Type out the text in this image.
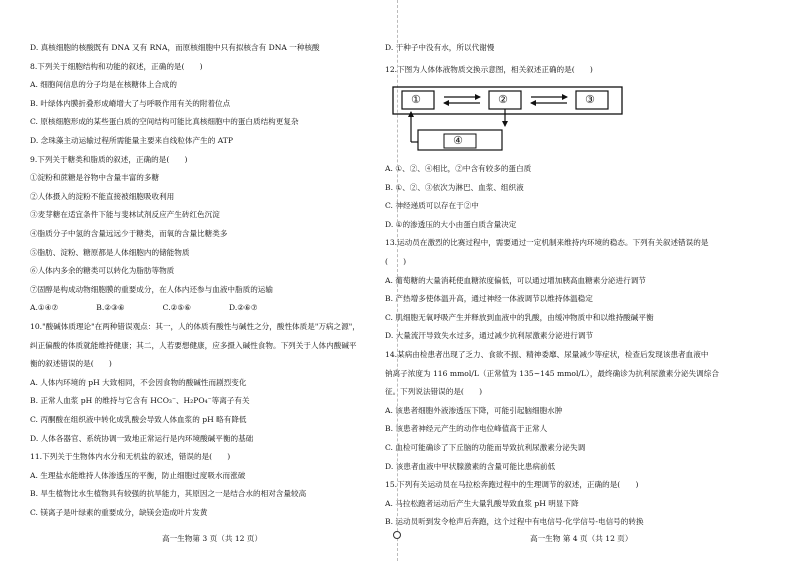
D. 真核细胞的核酸既有 DNA 又有 RNA，而原核细胞中只有拟核含有 DNA 一种核酸
8.下列关于细胞结构和功能的叙述，正确的是(　　)
A. 细胞间信息的分子均是在核糖体上合成的
B. 叶绿体内膜折叠形成嵴增大了与呼吸作用有关的附着位点
C. 原核细胞形成的某些蛋白质的空间结构可能比真核细胞中的蛋白质结构更复杂
D. 念珠藻主动运输过程所需能量主要来自线粒体产生的 ATP
9.下列关于糖类和脂质的叙述，正确的是(　　)
①淀粉和蔗糖是谷物中含量丰富的多糖
②人体摄入的淀粉不能直接被细胞吸收利用
③麦芽糖在适宜条件下能与斐林试剂反应产生砖红色沉淀
④脂质分子中氢的含量远远少于糖类，而氧的含量比糖类多
⑤脂肪、淀粉、糖原都是人体细胞内的储能物质
⑥人体内多余的糖类可以转化为脂肪等物质
⑦固醇是构成动物细胞膜的重要成分，在人体内还参与血液中脂质的运输
A.①④⑦　　　　　B.②③⑥　　　　　C.②⑤⑥　　　　　D.②⑥⑦
10."酸碱体质理论"在两种错误观点：其一，人的体质有酸性与碱性之分，酸性体质是"万病之源"，
纠正偏酸的体质就能维持健康；其二，人若要想健康，应多摄入碱性食物。下列关于人体内酸碱平
衡的叙述错误的是(　　)
A. 人体内环境的 pH 大致相同，不会因食物的酸碱性而剧烈变化
B. 正常人血浆 pH 的维持与它含有 HCO₃⁻、H₂PO₄⁻等离子有关
C. 丙酮酸在组织液中转化成乳酸会导致人体血浆的 pH 略有降低
D. 人体各器官、系统协调一致地正常运行是内环境酸碱平衡的基础
11.下列关于生物体内水分和无机盐的叙述，错误的是(　　)
A. 生理盐水能维持人体渗透压的平衡，防止细胞过度吸水而涨破
B. 旱生植物比水生植物具有较强的抗旱能力，其原因之一是结合水的相对含量较高
C. 镁离子是叶绿素的重要成分，缺镁会造成叶片发黄
D. 干种子中没有水，所以代谢慢
12.下图为人体体液物质交换示意图，相关叙述正确的是(　　)
A. ①、②、④相比，②中含有较多的蛋白质
B. ①、②、③依次为淋巴、血浆、组织液
C. 神经递质可以存在于②中
D. ①的渗透压的大小由蛋白质含量决定
13.运动员在激烈的比赛过程中，需要通过一定机制来维持内环境的稳态。下列有关叙述错误的是
(　　)
A. 葡萄糖的大量消耗使血糖浓度偏低，可以通过增加胰高血糖素分泌进行调节
B. 产热增多使体温升高，通过神经一体液调节以维持体温稳定
C. 肌细胞无氧呼吸产生并释放到血液中的乳酸，由缓冲物质中和以维持酸碱平衡
D. 大量流汗导致失水过多，通过减少抗利尿激素分泌进行调节
14.某病由检患者出现了乏力、食欲不振、精神委靡、尿量减少等症状，检查后发现该患者血液中
钠离子浓度为 116 mmol/L（正常值为 135~145 mmol/L），最终确诊为抗利尿激素分泌失调综合
征。下列说法错误的是(　　)
A. 该患者细胞外液渗透压下降，可能引起脑细胞水肿
B. 该患者神经元产生的动作电位峰值高于正常人
C. 血检可能确诊了下丘脑的功能而导致抗利尿激素分泌失调
D. 该患者血液中甲状腺激素的含量可能比患病前低
15.下列有关运动员在马拉松奔跑过程中的生理调节的叙述，正确的是(　　)
A. 马拉松跑者运动后产生大量乳酸导致血浆 pH 明显下降
B. 运动员听到发令枪声后奔跑，这个过程中有电信号-化学信号-电信号的转换
①	②	③
④
高一生物第 3 页（共 12 页）	高一生物 第 4 页（共 12 页）
